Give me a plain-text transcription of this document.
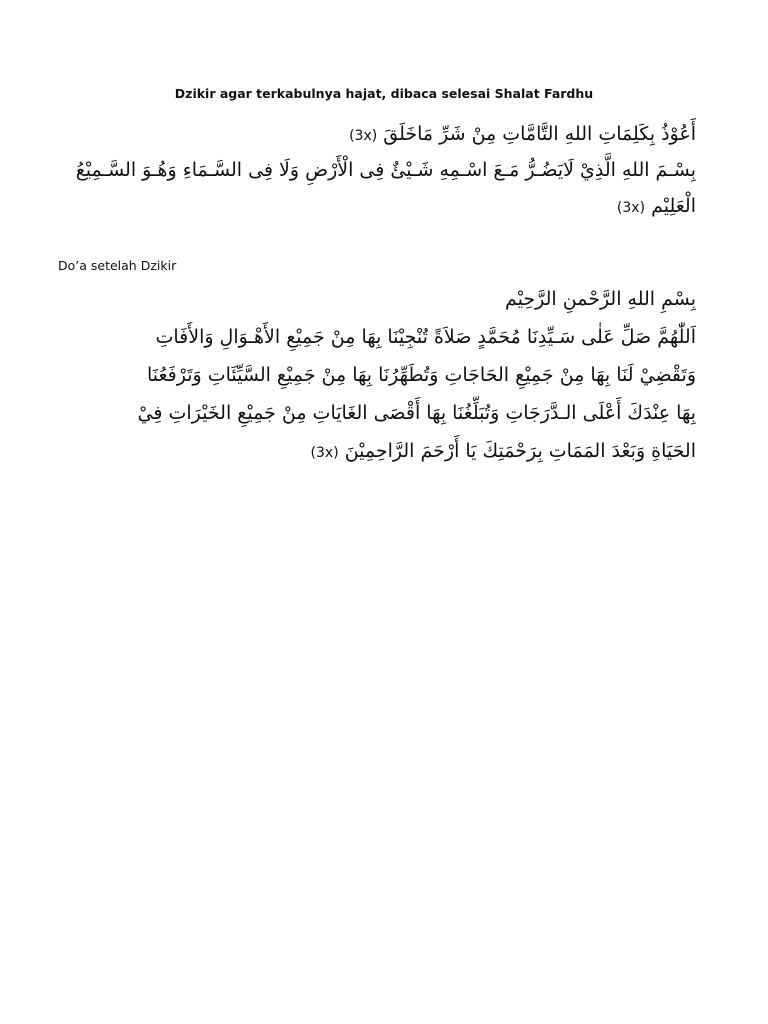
Dzikir agar terkabulnya hajat, dibaca selesai Shalat Fardhu
أَعُوْذُ بِكَلِمَاتِ اللهِ التَّامَّاتِ مِنْ شَرِّ مَاخَلَقَ (3x)
بِسْـمَ اللهِ الَّذِيْ لَايَضُـرُّ مَـعَ اسْـمِهِ شَـيْئٌ فِى الْأَرْضِ وَلَا فِى السَّـمَاءِ وَهُـوَ السَّـمِيْعُ
الْعَلِيْم (3x)
Do’a setelah Dzikir
بِسْمِ اللهِ الرَّحْمنِ الرَّحِيْم
اَللّٰهُمَّ صَلِّ عَلٰى سَـيِّدِنَا مُحَمَّدٍ صَلاَةً تُنْجِيْنَا بِهَا مِنْ جَمِيْعِ الأَهْـوَالِ وَالأَفَاتِ
وَتَقْضِيْ لَنَا بِهَا مِنْ جَمِيْعِ الحَاجَاتِ وَتُطَهِّرُنَا بِهَا مِنْ جَمِيْعِ السَّيِّئَاتِ وَتَرْفَعُنَا
بِهَا عِنْدَكَ أَعْلَى الـدَّرَجَاتِ وَتُبَلِّغُنَا بِهَا أَقْصَى الغَايَاتِ مِنْ جَمِيْعِ الخَيْرَاتِ فِيْ
الحَيَاةِ وَبَعْدَ المَمَاتِ بِرَحْمَتِكَ يَا أَرْحَمَ الرَّاحِمِيْنَ (3x)
